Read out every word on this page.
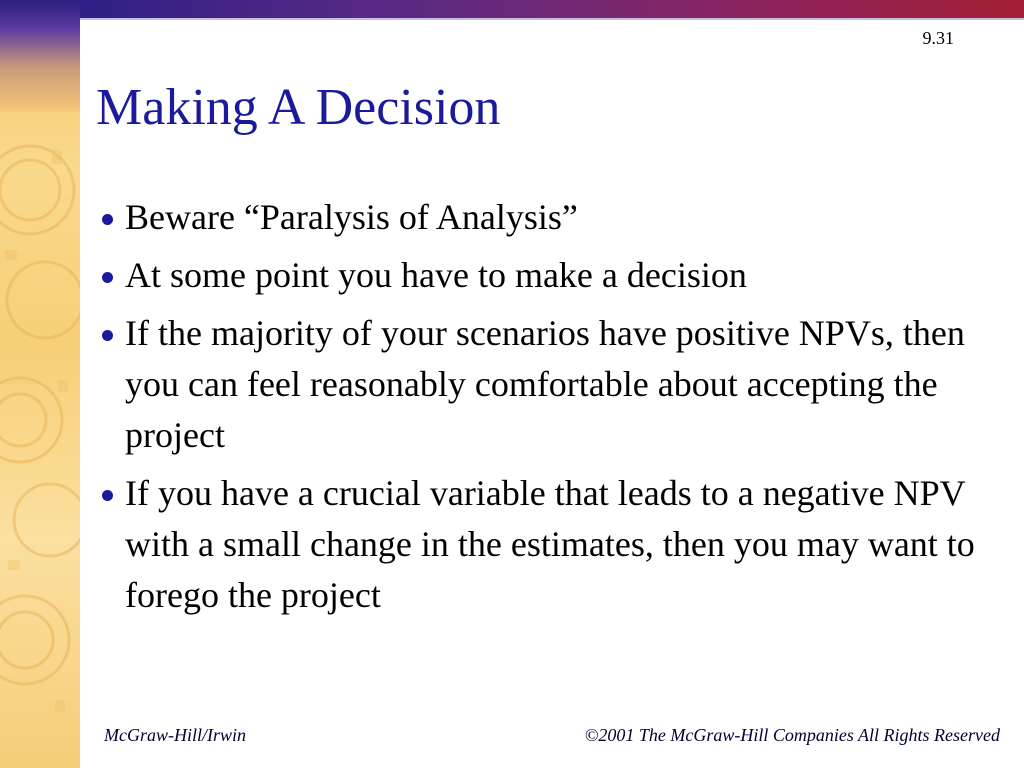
9.31
Making A Decision
Beware “Paralysis of Analysis”
At some point you have to make a decision
If the majority of your scenarios have positive NPVs, then you can feel reasonably comfortable about accepting the project
If you have a crucial variable that leads to a negative NPV with a small change in the estimates, then you may want to forego the project
McGraw-Hill/Irwin	©2001 The McGraw-Hill Companies All Rights Reserved
